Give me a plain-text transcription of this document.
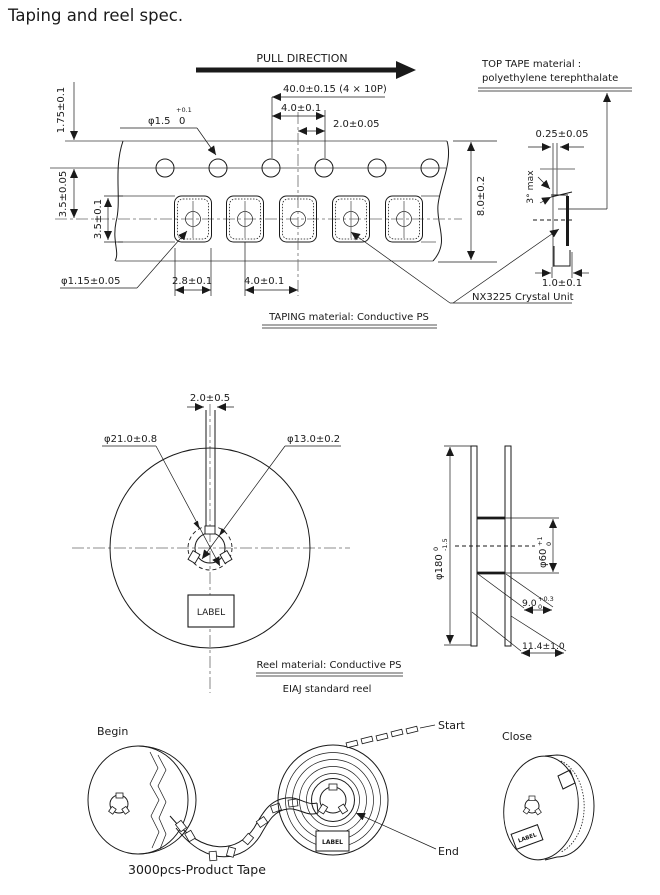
Taping and reel spec.
PULL DIRECTION
1.75±0.1
3.5±0.05
3.5±0.1
φ1.5 0
+0.1
40.0±0.15 (4 × 10P)
4.0±0.1
2.0±0.05
8.0±0.2
φ1.15±0.05	2.8±0.1	4.0±0.1
TOP TAPE material :
polyethylene terephthalate
0.25±0.05
3° max
1.0±0.1
NX3225 Crystal Unit
TAPING material: Conductive PS
2.0±0.5
φ21.0±0.8	φ13.0±0.2
LABEL
φ180
0 -1.5
φ60
+1 0
9.0 +0.3
0
11.4±1.0
Reel material: Conductive PS
EIAJ standard reel
Begin
3000pcs-Product Tape
LABEL
Start
End
Close
LABEL
